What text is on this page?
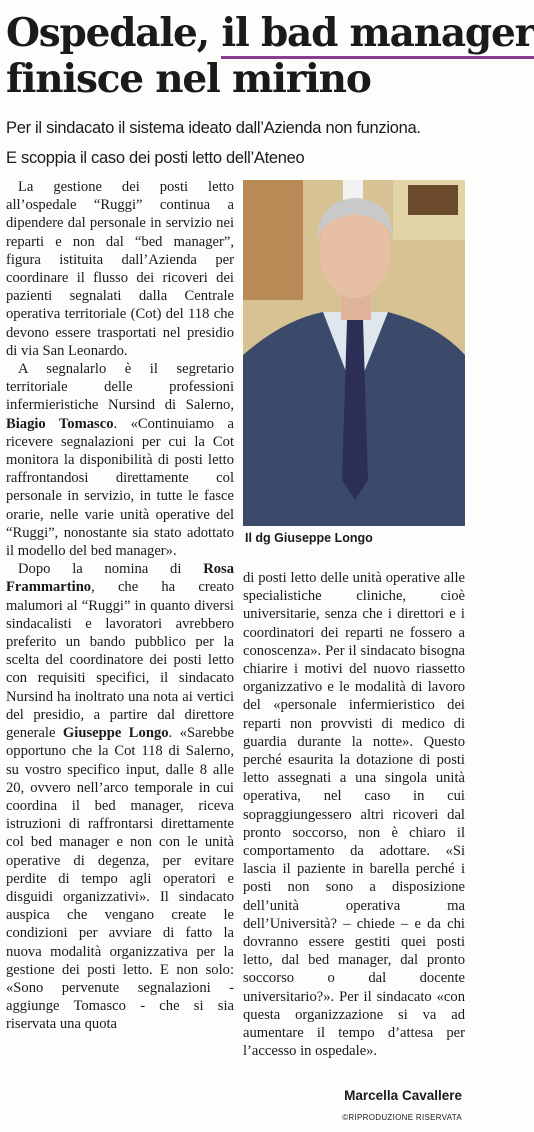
Ospedale, il bad manager
finisce nel mirino
Per il sindacato il sistema ideato dall’Azienda non funziona.
E scoppia il caso dei posti letto dell’Ateneo

La gestione dei posti letto all’ospedale “Ruggi” continua a dipendere dal personale in servizio nei reparti e non dal “bed manager”, figura istituita dall’Azienda per coordinare il flusso dei ricoveri dei pazienti segnalati dalla Centrale operativa territoriale (Cot) del 118 che devono essere trasportati nel presidio di via San Leonardo.

A segnalarlo è il segretario territoriale delle professioni infermieristiche Nursind di Salerno, Biagio Tomasco. «Continuiamo a ricevere segnalazioni per cui la Cot monitora la disponibilità di posti letto raffrontandosi direttamente col personale in servizio, in tutte le fasce orarie, nelle varie unità operative del “Ruggi”, nonostante sia stato adottato il modello del bed manager».

Dopo la nomina di Rosa Frammartino, che ha creato malumori al “Ruggi” in quanto diversi sindacalisti e lavoratori avrebbero preferito un bando pubblico per la scelta del coordinatore dei posti letto con requisiti specifici, il sindacato Nursind ha inoltrato una nota ai vertici del presidio, a partire dal direttore generale Giuseppe Longo. «Sarebbe opportuno che la Cot 118 di Salerno, su vostro specifico input, dalle 8 alle 20, ovvero nell’arco temporale in cui coordina il bed manager, riceva istruzioni di raffrontarsi direttamente col bed manager e non con le unità operative di degenza, per evitare perdite di tempo agli operatori e disguidi organizzativi». Il sindacato auspica che vengano create le condizioni per avviare di fatto la nuova modalità organizzativa per la gestione dei posti letto. E non solo: «Sono pervenute segnalazioni - aggiunge Tomasco - che si sia riservata una quota

Il dg Giuseppe Longo

di posti letto delle unità operative alle specialistiche cliniche, cioè universitarie, senza che i direttori e i coordinatori dei reparti ne fossero a conoscenza». Per il sindacato bisogna chiarire i motivi del nuovo riassetto organizzativo e le modalità di lavoro del «personale infermieristico dei reparti non provvisti di medico di guardia durante la notte». Questo perché esaurita la dotazione di posti letto assegnati a una singola unità operativa, nel caso in cui sopraggiungessero altri ricoveri dal pronto soccorso, non è chiaro il comportamento da adottare. «Si lascia il paziente in barella perché i posti non sono a disposizione dell’unità operativa ma dell’Università? – chiede – e da chi dovranno essere gestiti quei posti letto, dal bed manager, dal pronto soccorso o dal docente universitario?». Per il sindacato «con questa organizzazione si va ad aumentare il tempo d’attesa per l’accesso in ospedale».

Marcella Cavallere
©RIPRODUZIONE RISERVATA
